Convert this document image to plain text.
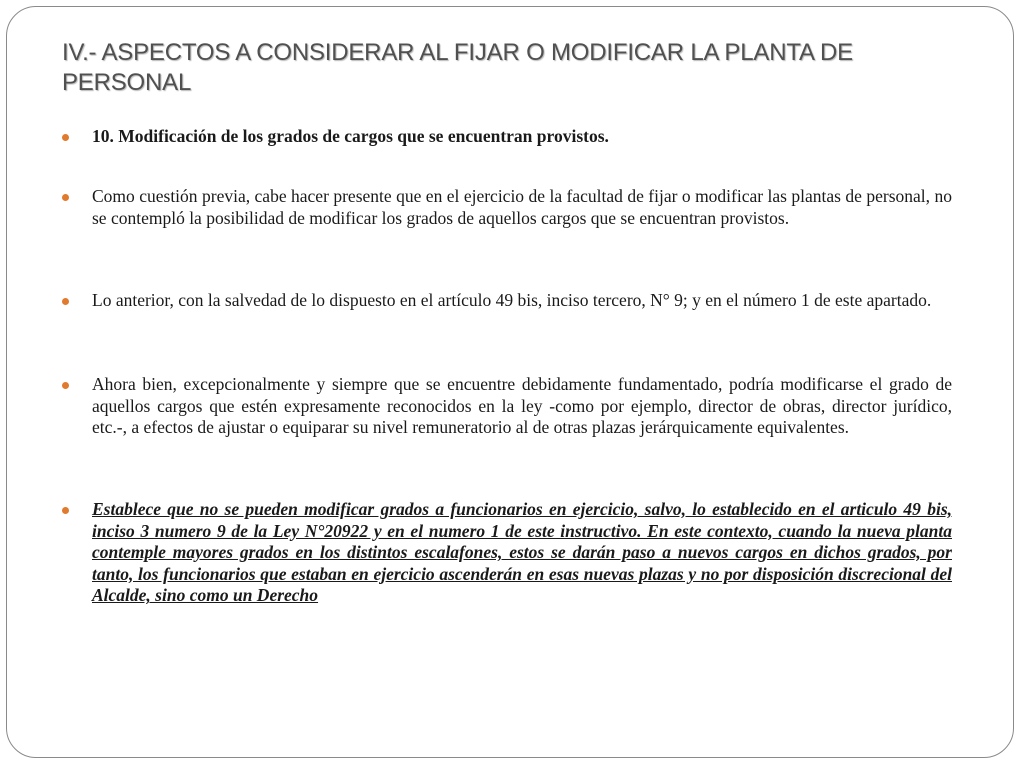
IV.- ASPECTOS A CONSIDERAR AL FIJAR O MODIFICAR LA PLANTA DE PERSONAL
10. Modificación de los grados de cargos que se encuentran provistos.
Como cuestión previa, cabe hacer presente que en el ejercicio de la facultad de fijar o modificar las plantas de personal, no se contempló la posibilidad de modificar los grados de aquellos cargos que se encuentran provistos.
Lo anterior, con la salvedad de lo dispuesto en el artículo 49 bis, inciso tercero, N° 9; y en el número 1 de este apartado.
Ahora bien, excepcionalmente y siempre que se encuentre debidamente fundamentado, podría modificarse el grado de aquellos cargos que estén expresamente reconocidos en la ley -como por ejemplo, director de obras, director jurídico, etc.-, a efectos de ajustar o equiparar su nivel remuneratorio al de otras plazas jerárquicamente equivalentes.
Establece que no se pueden modificar grados a funcionarios en ejercicio, salvo, lo establecido en el articulo 49 bis, inciso 3 numero 9 de la Ley N°20922 y en el numero 1 de este instructivo. En este contexto, cuando la nueva planta contemple mayores grados en los distintos escalafones, estos se darán paso a nuevos cargos en dichos grados, por tanto, los funcionarios que estaban en ejercicio ascenderán en esas nuevas plazas y no por disposición discrecional del Alcalde, sino como un Derecho
